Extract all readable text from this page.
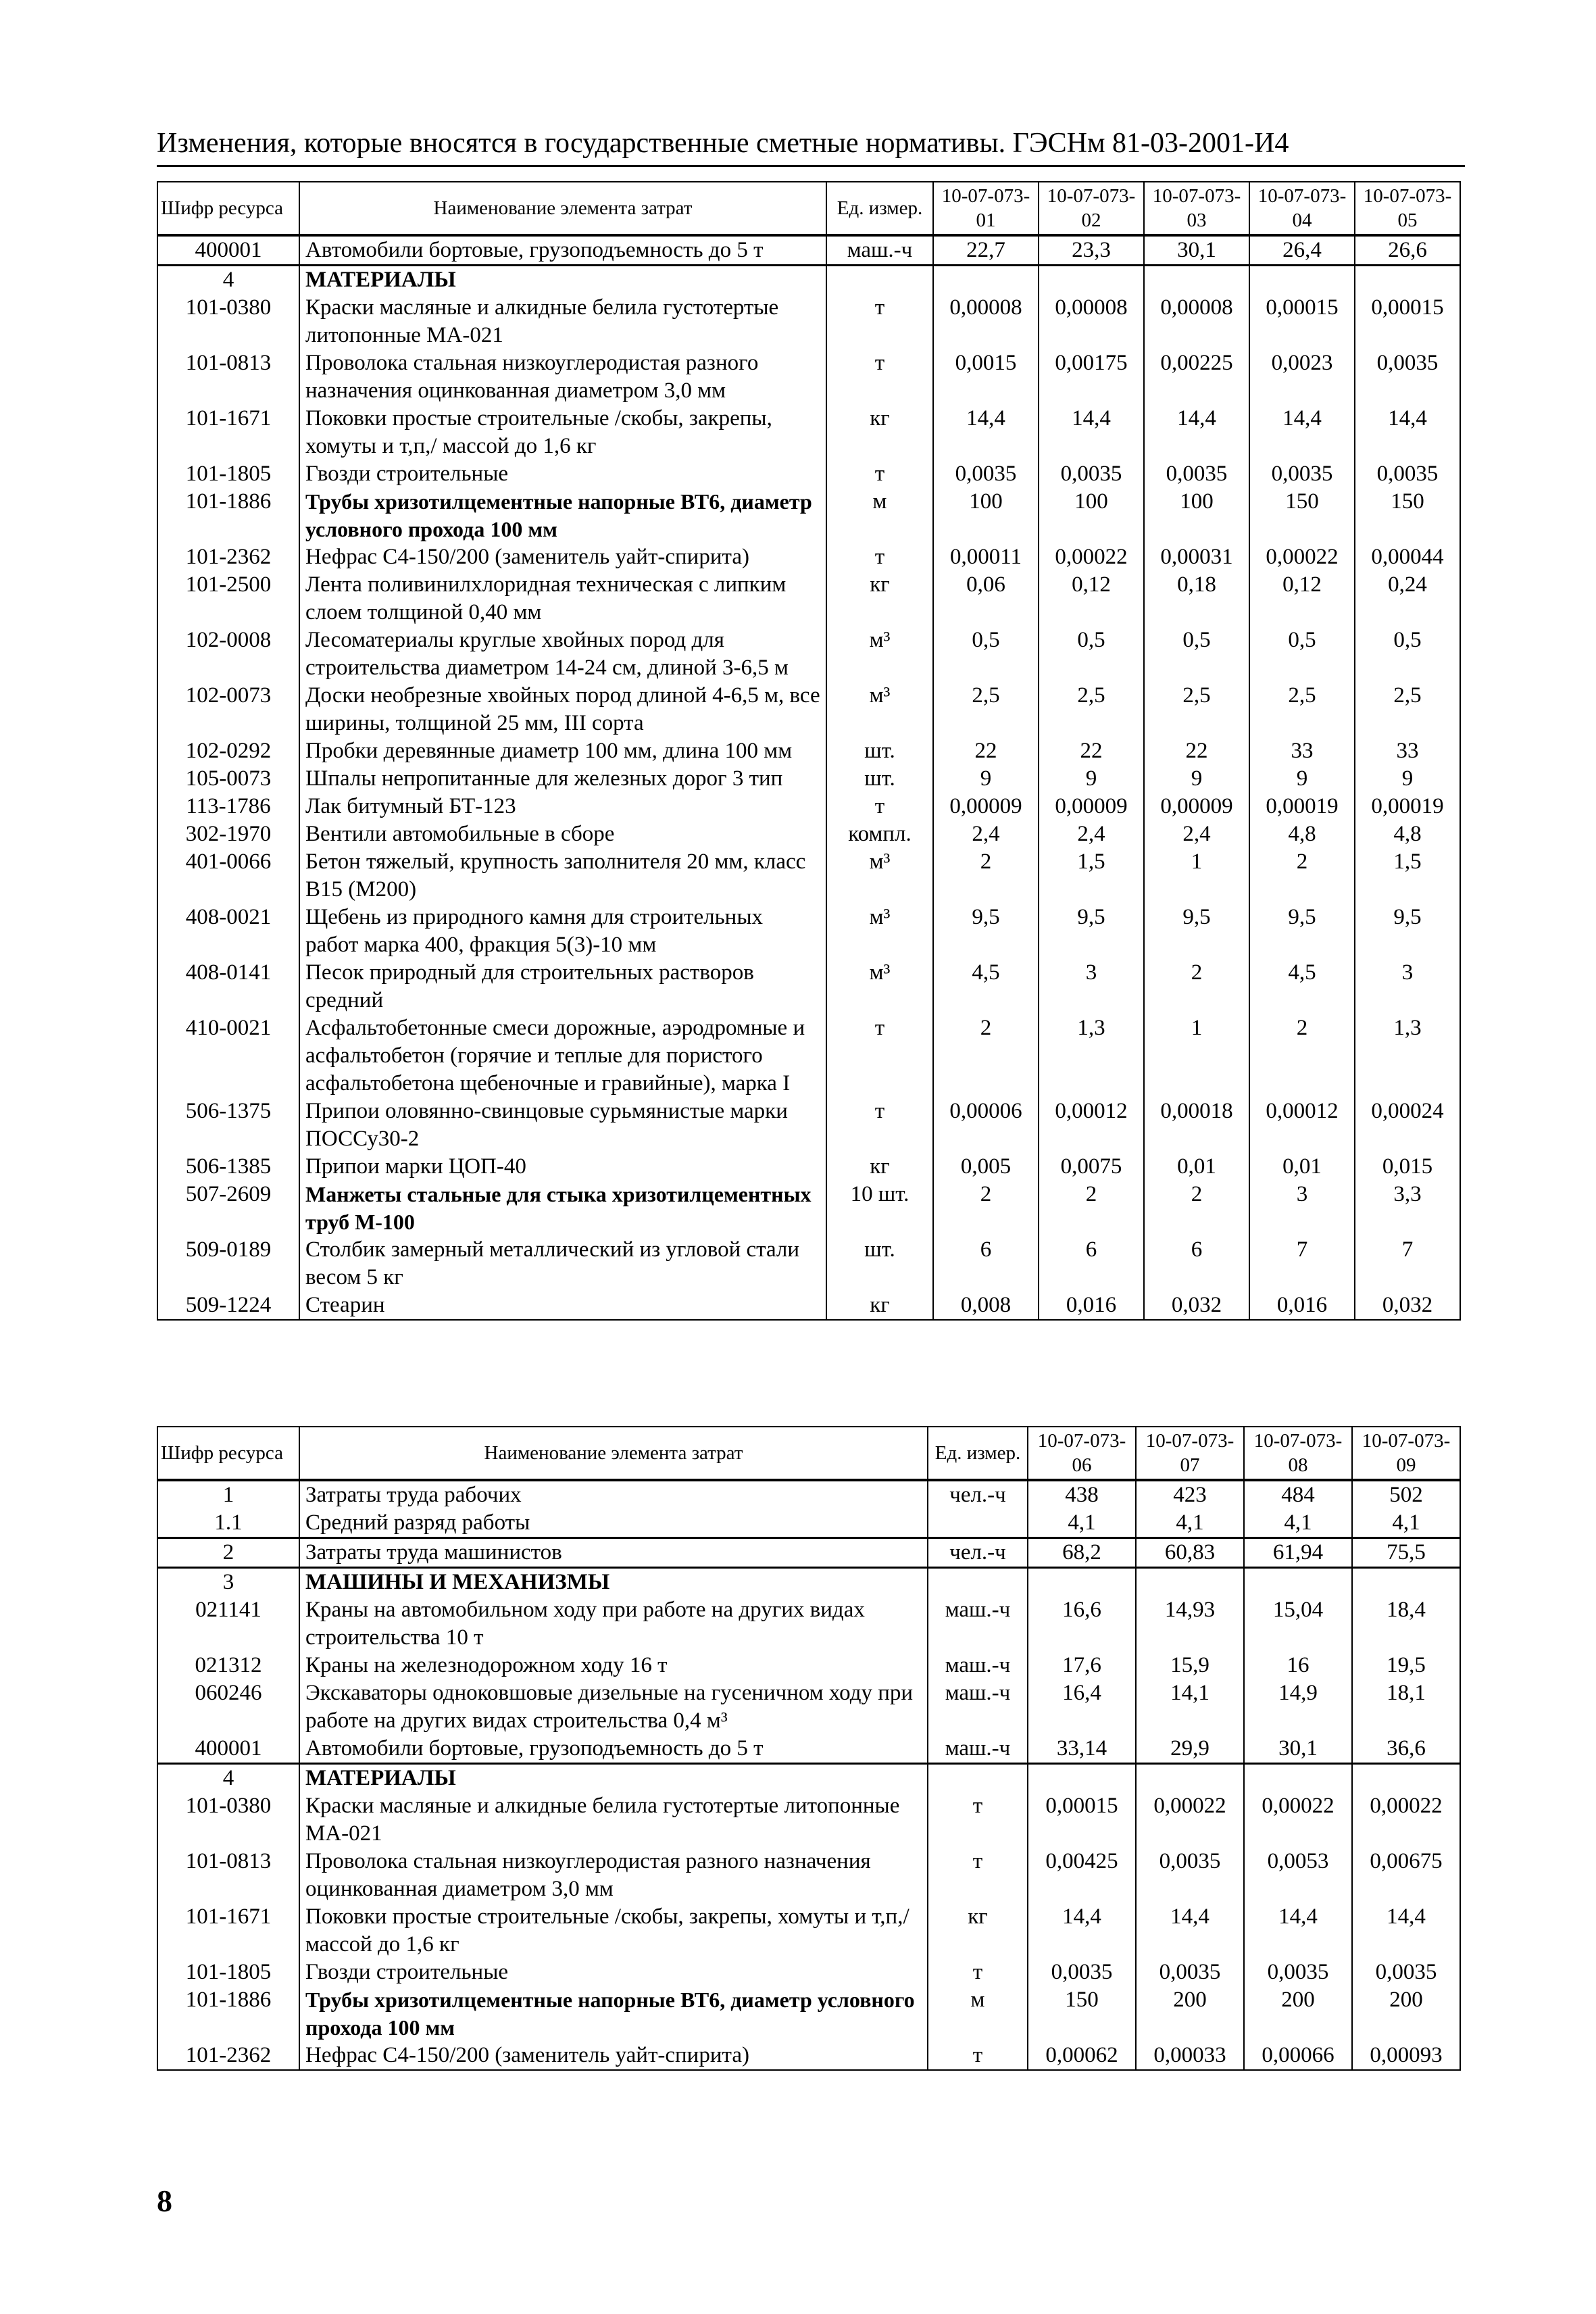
Изменения, которые вносятся в государственные сметные нормативы. ГЭСНм 81-03-2001-И4
Шифр ресурса	Наименование элемента затрат	Ед. измер.	10-07-073-01	10-07-073-02	10-07-073-03	10-07-073-04	10-07-073-05
400001	Автомобили бортовые, грузоподъемность до 5 т	маш.-ч	22,7	23,3	30,1	26,4	26,6
4	МАТЕРИАЛЫ						
101-0380	Краски масляные и алкидные белила густотертые литопонные МА-021	т	0,00008	0,00008	0,00008	0,00015	0,00015
101-0813	Проволока стальная низкоуглеродистая разного назначения оцинкованная диаметром 3,0 мм	т	0,0015	0,00175	0,00225	0,0023	0,0035
101-1671	Поковки простые строительные /скобы, закрепы, хомуты и т,п,/ массой до 1,6 кг	кг	14,4	14,4	14,4	14,4	14,4
101-1805	Гвозди строительные	т	0,0035	0,0035	0,0035	0,0035	0,0035
101-1886	Трубы хризотилцементные напорные ВТ6, диаметр условного прохода 100 мм	м	100	100	100	150	150
101-2362	Нефрас С4-150/200 (заменитель уайт-спирита)	т	0,00011	0,00022	0,00031	0,00022	0,00044
101-2500	Лента поливинилхлоридная техническая с липким слоем толщиной 0,40 мм	кг	0,06	0,12	0,18	0,12	0,24
102-0008	Лесоматериалы круглые хвойных пород для строительства диаметром 14-24 см, длиной 3-6,5 м	м³	0,5	0,5	0,5	0,5	0,5
102-0073	Доски необрезные хвойных пород длиной 4-6,5 м, все ширины, толщиной 25 мм, III сорта	м³	2,5	2,5	2,5	2,5	2,5
102-0292	Пробки деревянные диаметр 100 мм, длина 100 мм	шт.	22	22	22	33	33
105-0073	Шпалы непропитанные для железных дорог 3 тип	шт.	9	9	9	9	9
113-1786	Лак битумный БТ-123	т	0,00009	0,00009	0,00009	0,00019	0,00019
302-1970	Вентили автомобильные в сборе	компл.	2,4	2,4	2,4	4,8	4,8
401-0066	Бетон тяжелый, крупность заполнителя 20 мм, класс В15 (М200)	м³	2	1,5	1	2	1,5
408-0021	Щебень из природного камня для строительных работ марка 400, фракция 5(3)-10 мм	м³	9,5	9,5	9,5	9,5	9,5
408-0141	Песок природный для строительных растворов средний	м³	4,5	3	2	4,5	3
410-0021	Асфальтобетонные смеси дорожные, аэродромные и асфальтобетон (горячие и теплые для пористого асфальтобетона щебеночные и гравийные), марка I	т	2	1,3	1	2	1,3
506-1375	Припои оловянно-свинцовые сурьмянистые марки ПОССу30-2	т	0,00006	0,00012	0,00018	0,00012	0,00024
506-1385	Припои марки ЦОП-40	кг	0,005	0,0075	0,01	0,01	0,015
507-2609	Манжеты стальные для стыка хризотилцементных труб М-100	10 шт.	2	2	2	3	3,3
509-0189	Столбик замерный металлический из угловой стали весом 5 кг	шт.	6	6	6	7	7
509-1224	Стеарин	кг	0,008	0,016	0,032	0,016	0,032
Шифр ресурса	Наименование элемента затрат	Ед. измер.	10-07-073-06	10-07-073-07	10-07-073-08	10-07-073-09
1	Затраты труда рабочих	чел.-ч	438	423	484	502
1.1	Средний разряд работы		4,1	4,1	4,1	4,1
2	Затраты труда машинистов	чел.-ч	68,2	60,83	61,94	75,5
3	МАШИНЫ И МЕХАНИЗМЫ					
021141	Краны на автомобильном ходу при работе на других видах строительства 10 т	маш.-ч	16,6	14,93	15,04	18,4
021312	Краны на железнодорожном ходу 16 т	маш.-ч	17,6	15,9	16	19,5
060246	Экскаваторы одноковшовые дизельные на гусеничном ходу при работе на других видах строительства 0,4 м³	маш.-ч	16,4	14,1	14,9	18,1
400001	Автомобили бортовые, грузоподъемность до 5 т	маш.-ч	33,14	29,9	30,1	36,6
4	МАТЕРИАЛЫ					
101-0380	Краски масляные и алкидные белила густотертые литопонные МА-021	т	0,00015	0,00022	0,00022	0,00022
101-0813	Проволока стальная низкоуглеродистая разного назначения оцинкованная диаметром 3,0 мм	т	0,00425	0,0035	0,0053	0,00675
101-1671	Поковки простые строительные /скобы, закрепы, хомуты и т,п,/ массой до 1,6 кг	кг	14,4	14,4	14,4	14,4
101-1805	Гвозди строительные	т	0,0035	0,0035	0,0035	0,0035
101-1886	Трубы хризотилцементные напорные ВТ6, диаметр условного прохода 100 мм	м	150	200	200	200
101-2362	Нефрас С4-150/200 (заменитель уайт-спирита)	т	0,00062	0,00033	0,00066	0,00093
8
